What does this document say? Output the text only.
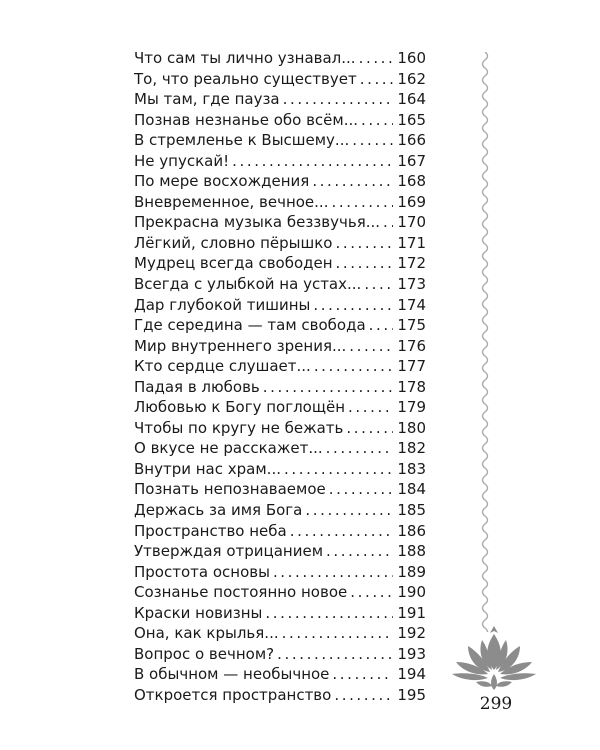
Что сам ты лично узнавал... .....	160
То, что реально существует .....	162
Мы там, где пауза .....	164
Познав незнанье обо всём... .....	165
В стремленье к Высшему... .....	166
Не упускай! .....	167
По мере восхождения .....	168
Вневременное, вечное... .....	169
Прекрасна музыка беззвучья... ..... 170
Лёгкий, словно пёрышко .....	171
Мудрец всегда свободен .....	172
Всегда с улыбкой на устах... ..... 173
Дар глубокой тишины .....	174
Где середина — там свобода ..... 175
Мир внутреннего зрения... .....	176
Кто сердце слушает... .....	177
Падая в любовь .....	178
Любовью к Богу поглощён .....	179
Чтобы по кругу не бежать .....	180
О вкусе не расскажет... .....	182
Внутри нас храм... .....	183
Познать непознаваемое .....	184
Держась за имя Бога .....	185
Пространство неба .....	186
Утверждая отрицанием .....	188
Простота основы .....	189
Сознанье постоянно новое .....	190
Краски новизны .....	191
Она, как крылья... .....	192
Вопрос о вечном? .....	193
В обычном — необычное .....	194
Откроется пространство .....	195	299
